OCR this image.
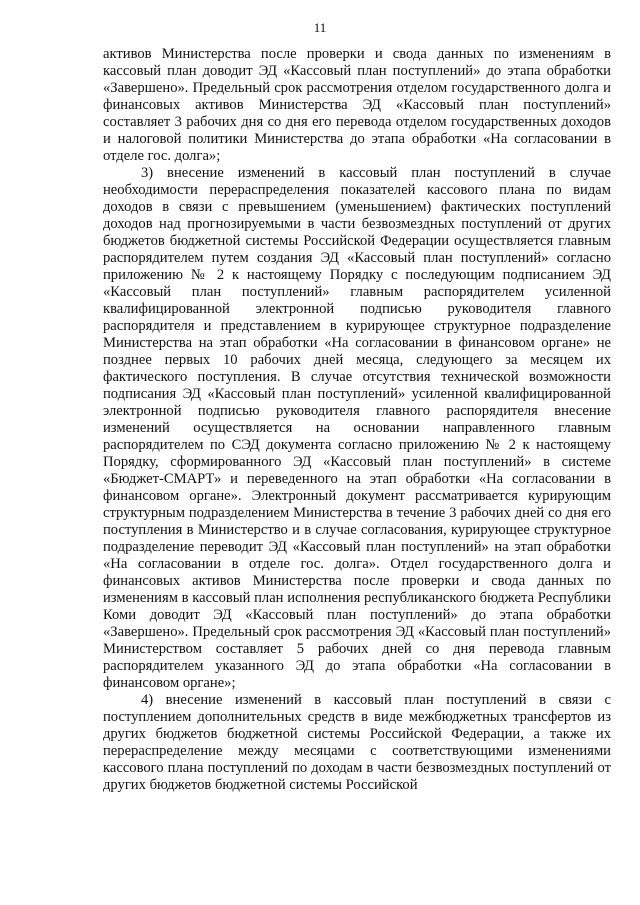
11

активов Министерства после проверки и свода данных по изменениям в кассовый план доводит ЭД «Кассовый план поступлений» до этапа обработки «Завершено». Предельный срок рассмотрения отделом государственного долга и финансовых активов Министерства ЭД «Кассовый план поступлений» составляет 3 рабочих дня со дня его перевода отделом государственных доходов и налоговой политики Министерства до этапа обработки «На согласовании в отделе гос. долга»;

3) внесение изменений в кассовый план поступлений в случае необходимости перераспределения показателей кассового плана по видам доходов в связи с превышением (уменьшением) фактических поступлений доходов над прогнозируемыми в части безвозмездных поступлений от других бюджетов бюджетной системы Российской Федерации осуществляется главным распорядителем путем создания ЭД «Кассовый план поступлений» согласно приложению № 2 к настоящему Порядку с последующим подписанием ЭД «Кассовый план поступлений» главным распорядителем усиленной квалифицированной электронной подписью руководителя главного распорядителя и представлением в курирующее структурное подразделение Министерства на этап обработки «На согласовании в финансовом органе» не позднее первых 10 рабочих дней месяца, следующего за месяцем их фактического поступления. В случае отсутствия технической возможности подписания ЭД «Кассовый план поступлений» усиленной квалифицированной электронной подписью руководителя главного распорядителя внесение изменений осуществляется на основании направленного главным распорядителем по СЭД документа согласно приложению № 2 к настоящему Порядку, сформированного ЭД «Кассовый план поступлений» в системе «Бюджет-СМАРТ» и переведенного на этап обработки «На согласовании в финансовом органе». Электронный документ рассматривается курирующим структурным подразделением Министерства в течение 3 рабочих дней со дня его поступления в Министерство и в случае согласования, курирующее структурное подразделение переводит ЭД «Кассовый план поступлений» на этап обработки «На согласовании в отделе гос. долга». Отдел государственного долга и финансовых активов Министерства после проверки и свода данных по изменениям в кассовый план исполнения республиканского бюджета Республики Коми доводит ЭД «Кассовый план поступлений» до этапа обработки «Завершено». Предельный срок рассмотрения ЭД «Кассовый план поступлений» Министерством составляет 5 рабочих дней со дня перевода главным распорядителем указанного ЭД до этапа обработки «На согласовании в финансовом органе»;

4) внесение изменений в кассовый план поступлений в связи с поступлением дополнительных средств в виде межбюджетных трансфертов из других бюджетов бюджетной системы Российской Федерации, а также их перераспределение между месяцами с соответствующими изменениями кассового плана поступлений по доходам в части безвозмездных поступлений от других бюджетов бюджетной системы Российской
